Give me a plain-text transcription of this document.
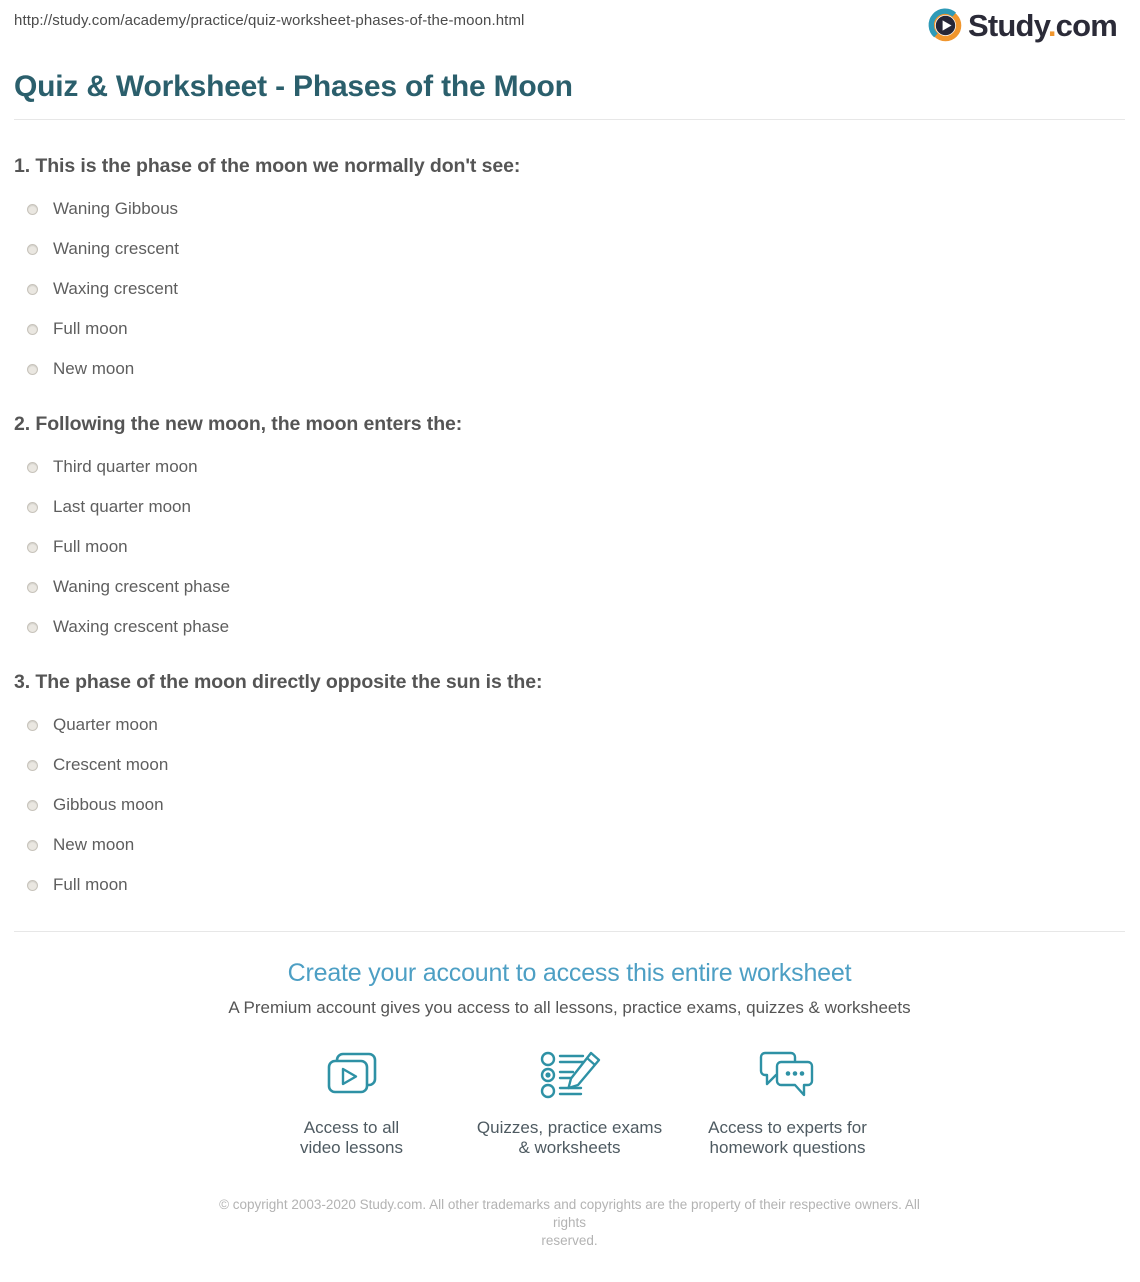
http://study.com/academy/practice/quiz-worksheet-phases-of-the-moon.html	Study.com
Quiz & Worksheet - Phases of the Moon
1. This is the phase of the moon we normally don't see:
Waning Gibbous
Waning crescent
Waxing crescent
Full moon
New moon
2. Following the new moon, the moon enters the:
Third quarter moon
Last quarter moon
Full moon
Waning crescent phase
Waxing crescent phase
3. The phase of the moon directly opposite the sun is the:
Quarter moon
Crescent moon
Gibbous moon
New moon
Full moon
Create your account to access this entire worksheet
A Premium account gives you access to all lessons, practice exams, quizzes & worksheets
Access to all
video lessons
Quizzes, practice exams
& worksheets
Access to experts for
homework questions
© copyright 2003-2020 Study.com. All other trademarks and copyrights are the property of their respective owners. All rights
reserved.
